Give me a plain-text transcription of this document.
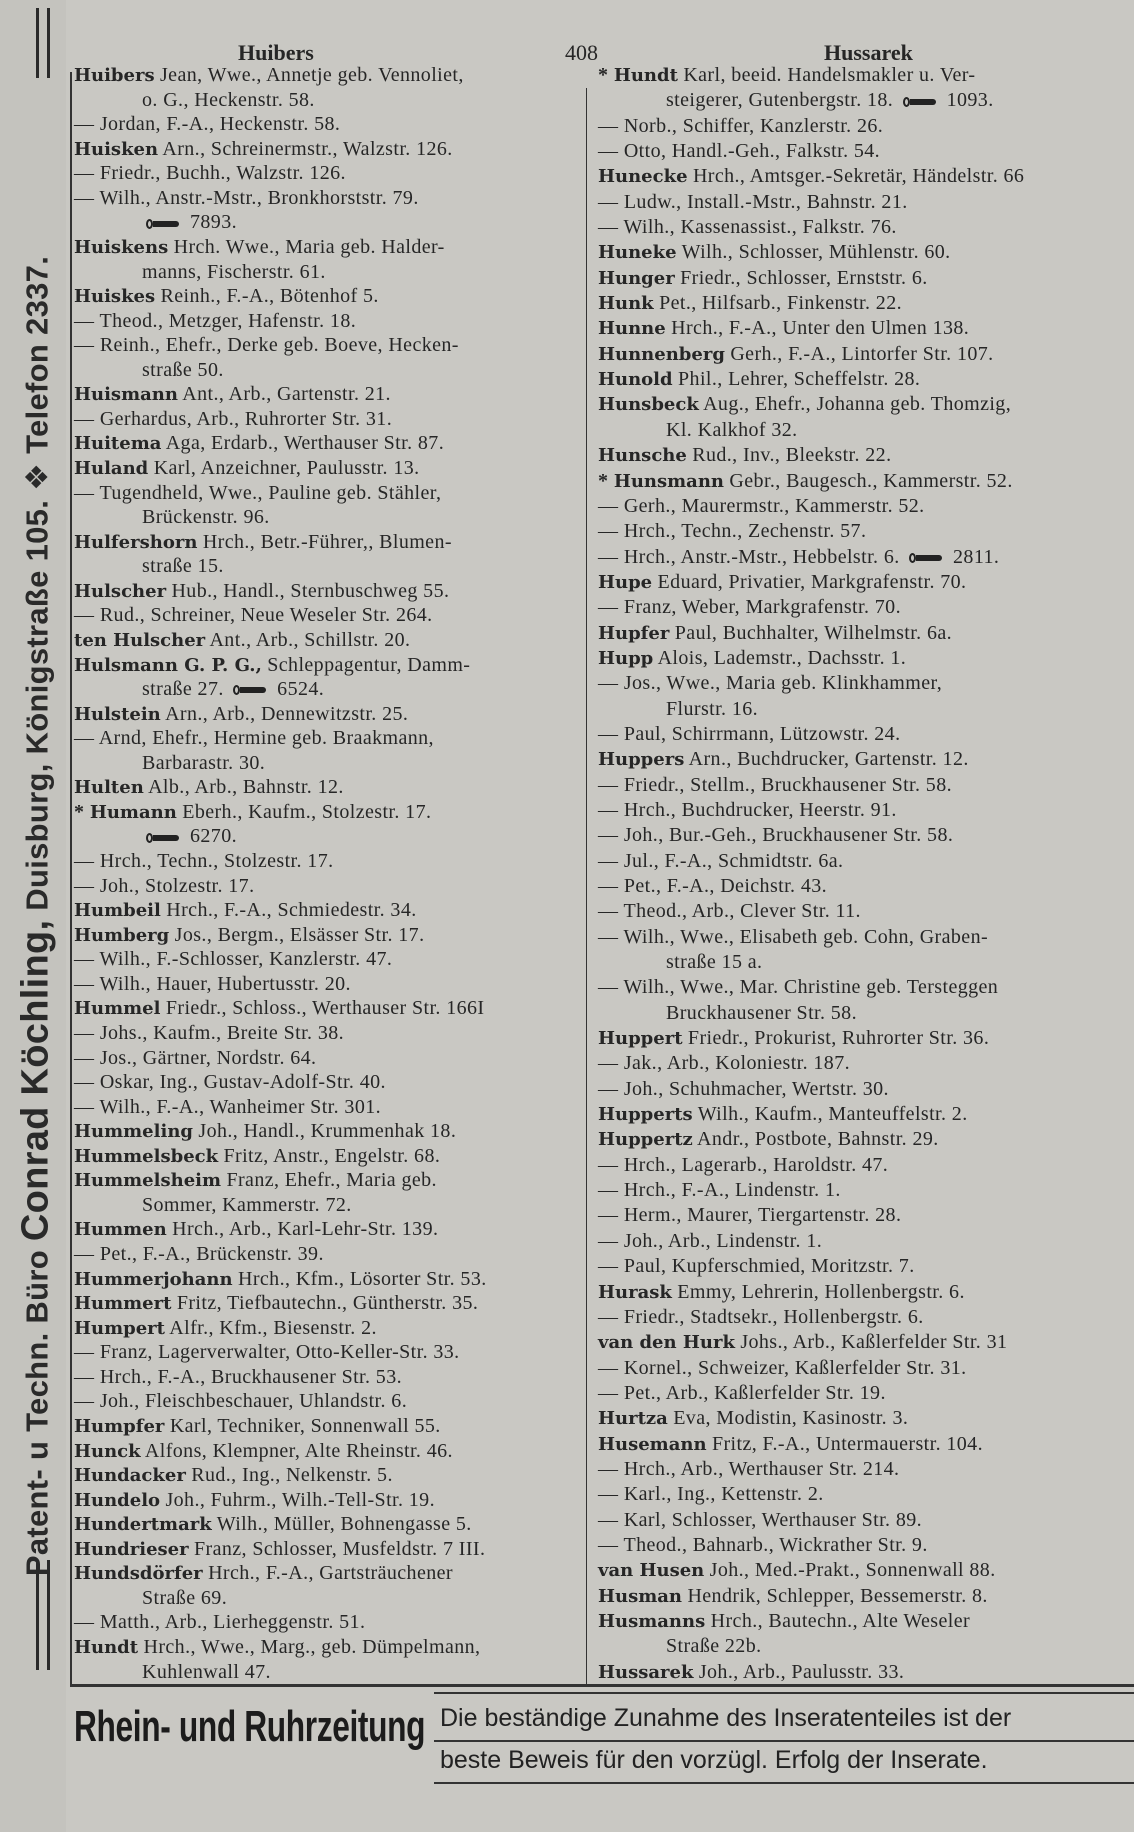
Patent- u Techn. Büro Conrad Köchling, Duisburg, Königstraße 105. ❖ Telefon 2337.
Huibers	408	Hussarek
Huibers Jean, Wwe., Annetje geb. Vennoliet,
o. G., Heckenstr. 58.
— Jordan, F.-A., Heckenstr. 58.
Huisken Arn., Schreinermstr., Walzstr. 126.
— Friedr., Buchh., Walzstr. 126.
— Wilh., Anstr.-Mstr., Bronkhorststr. 79.
7893.
Huiskens Hrch. Wwe., Maria geb. Halder-
manns, Fischerstr. 61.
Huiskes Reinh., F.-A., Bötenhof 5.
— Theod., Metzger, Hafenstr. 18.
— Reinh., Ehefr., Derke geb. Boeve, Hecken-
straße 50.
Huismann Ant., Arb., Gartenstr. 21.
— Gerhardus, Arb., Ruhrorter Str. 31.
Huitema Aga, Erdarb., Werthauser Str. 87.
Huland Karl, Anzeichner, Paulusstr. 13.
— Tugendheld, Wwe., Pauline geb. Stähler,
Brückenstr. 96.
Hulfershorn Hrch., Betr.-Führer,, Blumen-
straße 15.
Hulscher Hub., Handl., Sternbuschweg 55.
— Rud., Schreiner, Neue Weseler Str. 264.
ten Hulscher Ant., Arb., Schillstr. 20.
Hulsmann G. P. G., Schleppagentur, Damm-
straße 27.	6524.
Hulstein Arn., Arb., Dennewitzstr. 25.
— Arnd, Ehefr., Hermine geb. Braakmann,
Barbarastr. 30.
Hulten Alb., Arb., Bahnstr. 12.
* Humann Eberh., Kaufm., Stolzestr. 17.
6270.
— Hrch., Techn., Stolzestr. 17.
— Joh., Stolzestr. 17.
Humbeil Hrch., F.-A., Schmiedestr. 34.
Humberg Jos., Bergm., Elsässer Str. 17.
— Wilh., F.-Schlosser, Kanzlerstr. 47.
— Wilh., Hauer, Hubertusstr. 20.
Hummel Friedr., Schloss., Werthauser Str. 166I
— Johs., Kaufm., Breite Str. 38.
— Jos., Gärtner, Nordstr. 64.
— Oskar, Ing., Gustav-Adolf-Str. 40.
— Wilh., F.-A., Wanheimer Str. 301.
Hummeling Joh., Handl., Krummenhak 18.
Hummelsbeck Fritz, Anstr., Engelstr. 68.
Hummelsheim Franz, Ehefr., Maria geb.
Sommer, Kammerstr. 72.
Hummen Hrch., Arb., Karl-Lehr-Str. 139.
— Pet., F.-A., Brückenstr. 39.
Hummerjohann Hrch., Kfm., Lösorter Str. 53.
Hummert Fritz, Tiefbautechn., Güntherstr. 35.
Humpert Alfr., Kfm., Biesenstr. 2.
— Franz, Lagerverwalter, Otto-Keller-Str. 33.
— Hrch., F.-A., Bruckhausener Str. 53.
— Joh., Fleischbeschauer, Uhlandstr. 6.
Humpfer Karl, Techniker, Sonnenwall 55.
Hunck Alfons, Klempner, Alte Rheinstr. 46.
Hundacker Rud., Ing., Nelkenstr. 5.
Hundelo Joh., Fuhrm., Wilh.-Tell-Str. 19.
Hundertmark Wilh., Müller, Bohnengasse 5.
Hundrieser Franz, Schlosser, Musfeldstr. 7 III.
Hundsdörfer Hrch., F.-A., Gartsträuchener
Straße 69.
— Matth., Arb., Lierheggenstr. 51.
Hundt Hrch., Wwe., Marg., geb. Dümpelmann,
Kuhlenwall 47.
* Hundt Karl, beeid. Handelsmakler u. Ver-
steigerer, Gutenbergstr. 18.	1093.
— Norb., Schiffer, Kanzlerstr. 26.
— Otto, Handl.-Geh., Falkstr. 54.
Hunecke Hrch., Amtsger.-Sekretär, Händelstr. 66
— Ludw., Install.-Mstr., Bahnstr. 21.
— Wilh., Kassenassist., Falkstr. 76.
Huneke Wilh., Schlosser, Mühlenstr. 60.
Hunger Friedr., Schlosser, Ernststr. 6.
Hunk Pet., Hilfsarb., Finkenstr. 22.
Hunne Hrch., F.-A., Unter den Ulmen 138.
Hunnenberg Gerh., F.-A., Lintorfer Str. 107.
Hunold Phil., Lehrer, Scheffelstr. 28.
Hunsbeck Aug., Ehefr., Johanna geb. Thomzig,
Kl. Kalkhof 32.
Hunsche Rud., Inv., Bleekstr. 22.
* Hunsmann Gebr., Baugesch., Kammerstr. 52.
— Gerh., Maurermstr., Kammerstr. 52.
— Hrch., Techn., Zechenstr. 57.
— Hrch., Anstr.-Mstr., Hebbelstr. 6.	2811.
Hupe Eduard, Privatier, Markgrafenstr. 70.
— Franz, Weber, Markgrafenstr. 70.
Hupfer Paul, Buchhalter, Wilhelmstr. 6a.
Hupp Alois, Lademstr., Dachsstr. 1.
— Jos., Wwe., Maria geb. Klinkhammer,
Flurstr. 16.
— Paul, Schirrmann, Lützowstr. 24.
Huppers Arn., Buchdrucker, Gartenstr. 12.
— Friedr., Stellm., Bruckhausener Str. 58.
— Hrch., Buchdrucker, Heerstr. 91.
— Joh., Bur.-Geh., Bruckhausener Str. 58.
— Jul., F.-A., Schmidtstr. 6a.
— Pet., F.-A., Deichstr. 43.
— Theod., Arb., Clever Str. 11.
— Wilh., Wwe., Elisabeth geb. Cohn, Graben-
straße 15 a.
— Wilh., Wwe., Mar. Christine geb. Tersteggen
Bruckhausener Str. 58.
Huppert Friedr., Prokurist, Ruhrorter Str. 36.
— Jak., Arb., Koloniestr. 187.
— Joh., Schuhmacher, Wertstr. 30.
Hupperts Wilh., Kaufm., Manteuffelstr. 2.
Huppertz Andr., Postbote, Bahnstr. 29.
— Hrch., Lagerarb., Haroldstr. 47.
— Hrch., F.-A., Lindenstr. 1.
— Herm., Maurer, Tiergartenstr. 28.
— Joh., Arb., Lindenstr. 1.
— Paul, Kupferschmied, Moritzstr. 7.
Hurask Emmy, Lehrerin, Hollenbergstr. 6.
— Friedr., Stadtsekr., Hollenbergstr. 6.
van den Hurk Johs., Arb., Kaßlerfelder Str. 31
— Kornel., Schweizer, Kaßlerfelder Str. 31.
— Pet., Arb., Kaßlerfelder Str. 19.
Hurtza Eva, Modistin, Kasinostr. 3.
Husemann Fritz, F.-A., Untermauerstr. 104.
— Hrch., Arb., Werthauser Str. 214.
— Karl., Ing., Kettenstr. 2.
— Karl, Schlosser, Werthauser Str. 89.
— Theod., Bahnarb., Wickrather Str. 9.
van Husen Joh., Med.-Prakt., Sonnenwall 88.
Husman Hendrik, Schlepper, Bessemerstr. 8.
Husmanns Hrch., Bautechn., Alte Weseler
Straße 22b.
Hussarek Joh., Arb., Paulusstr. 33.
Rhein- und Ruhrzeitung Die beständige Zunahme des Inseratenteiles ist der
beste Beweis für den vorzügl. Erfolg der Inserate.
